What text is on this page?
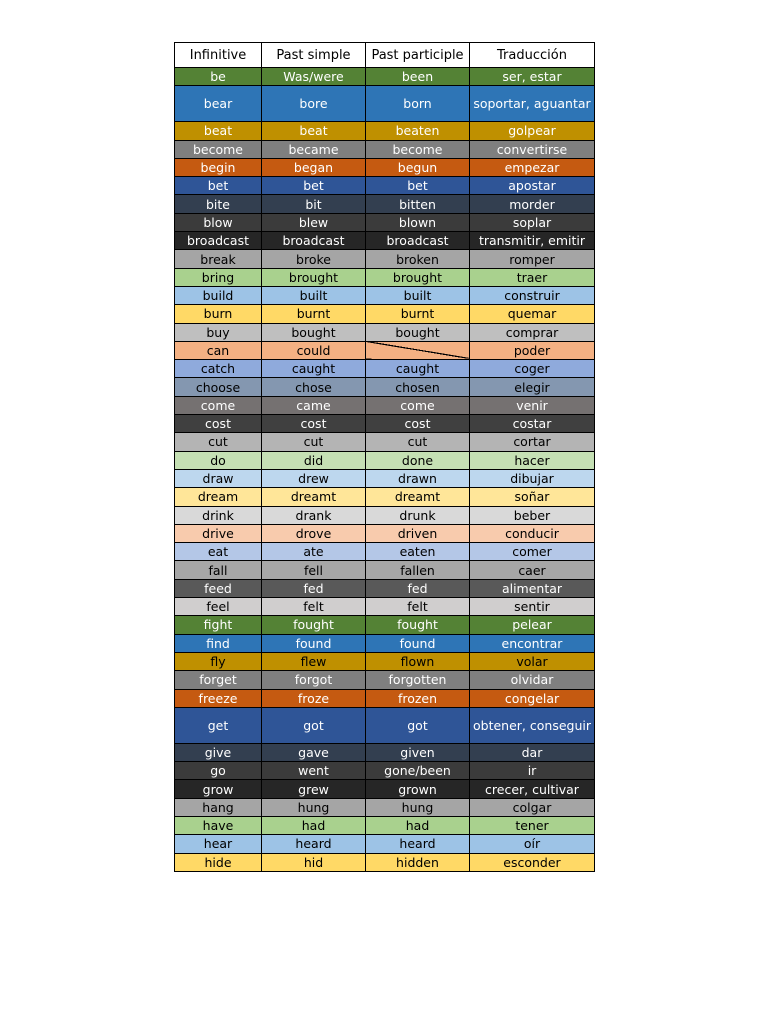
Infinitive	Past simple	Past participle	Traducción
be	Was/were	been	ser, estar
bear	bore	born	soportar, aguantar
beat	beat	beaten	golpear
become	became	become	convertirse
begin	began	begun	empezar
bet	bet	bet	apostar
bite	bit	bitten	morder
blow	blew	blown	soplar
broadcast	broadcast	broadcast	transmitir, emitir
break	broke	broken	romper
bring	brought	brought	traer
build	built	built	construir
burn	burnt	burnt	quemar
buy	bought	bought	comprar
can	could		poder
catch	caught	caught	coger
choose	chose	chosen	elegir
come	came	come	venir
cost	cost	cost	costar
cut	cut	cut	cortar
do	did	done	hacer
draw	drew	drawn	dibujar
dream	dreamt	dreamt	soñar
drink	drank	drunk	beber
drive	drove	driven	conducir
eat	ate	eaten	comer
fall	fell	fallen	caer
feed	fed	fed	alimentar
feel	felt	felt	sentir
fight	fought	fought	pelear
find	found	found	encontrar
fly	flew	flown	volar
forget	forgot	forgotten	olvidar
freeze	froze	frozen	congelar
get	got	got	obtener, conseguir
give	gave	given	dar
go	went	gone/been	ir
grow	grew	grown	crecer, cultivar
hang	hung	hung	colgar
have	had	had	tener
hear	heard	heard	oír
hide	hid	hidden	esconder
